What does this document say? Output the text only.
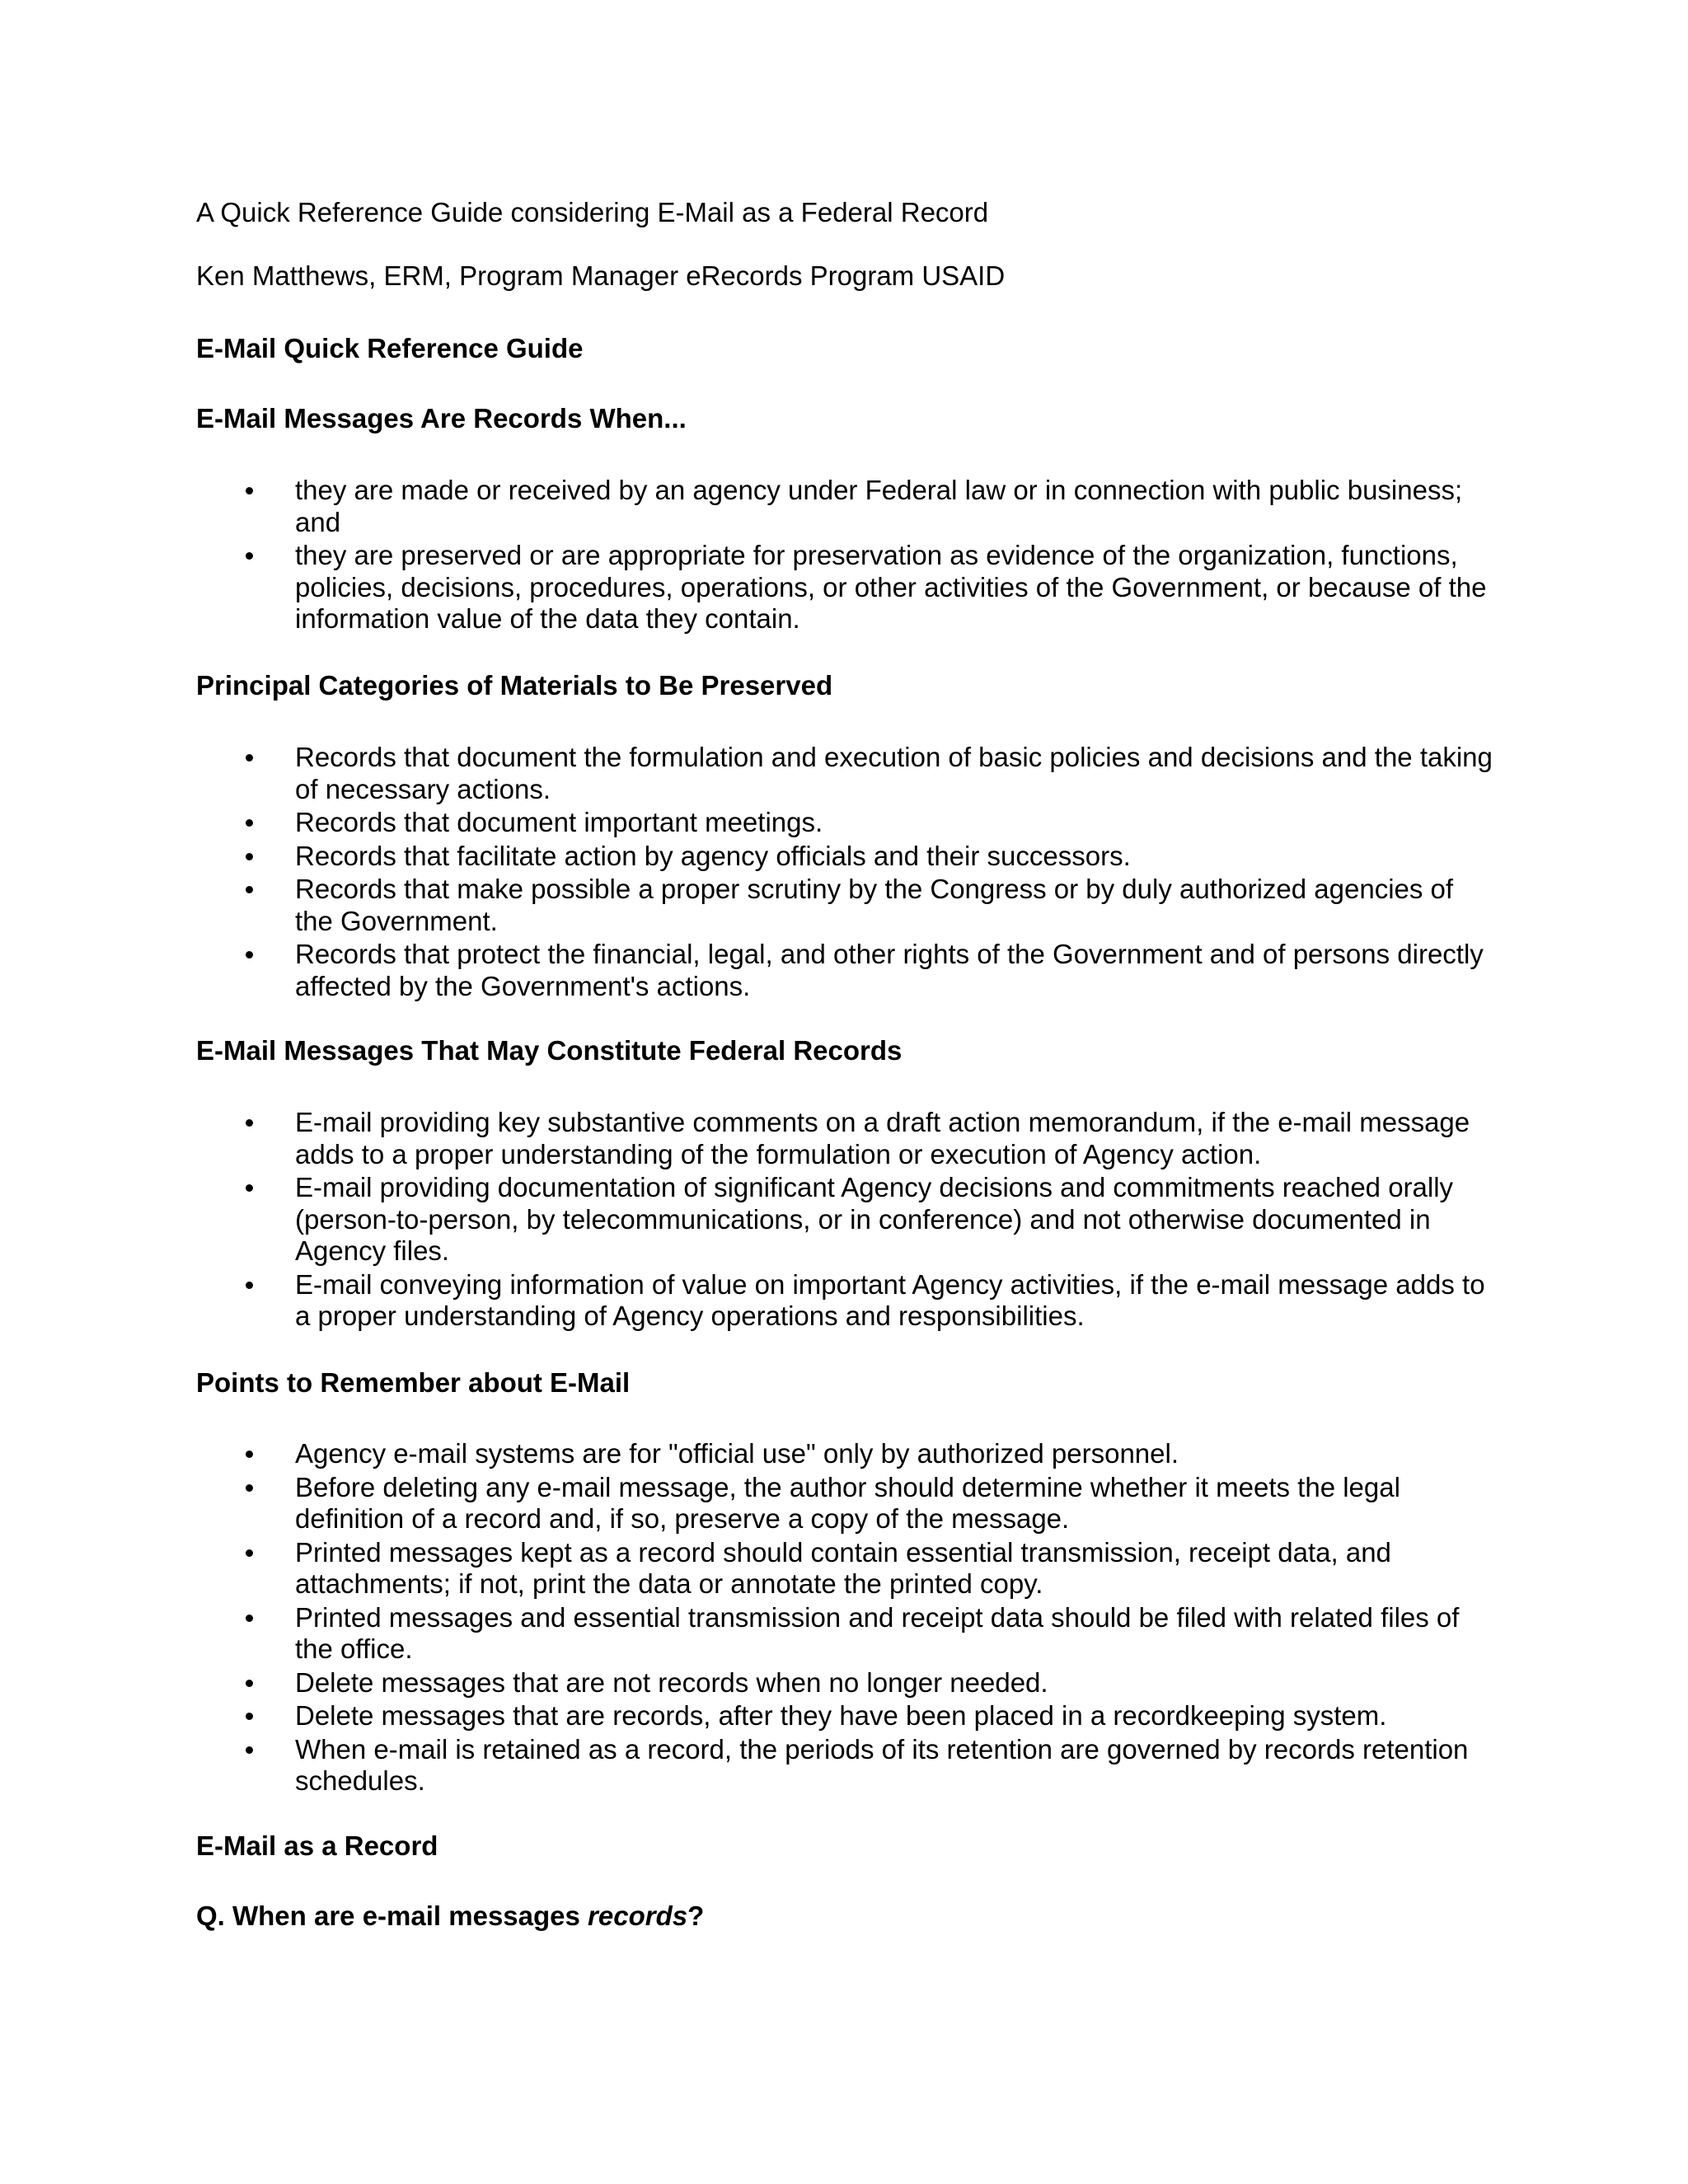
A Quick Reference Guide considering E-Mail as a Federal Record
Ken Matthews, ERM, Program Manager eRecords Program USAID
E-Mail Quick Reference Guide
E-Mail Messages Are Records When...
they are made or received by an agency under Federal law or in connection with public business; and
they are preserved or are appropriate for preservation as evidence of the organization, functions, policies, decisions, procedures, operations, or other activities of the Government, or because of the information value of the data they contain.
Principal Categories of Materials to Be Preserved
Records that document the formulation and execution of basic policies and decisions and the taking of necessary actions.
Records that document important meetings.
Records that facilitate action by agency officials and their successors.
Records that make possible a proper scrutiny by the Congress or by duly authorized agencies of the Government.
Records that protect the financial, legal, and other rights of the Government and of persons directly affected by the Government's actions.
E-Mail Messages That May Constitute Federal Records
E-mail providing key substantive comments on a draft action memorandum, if the e-mail message adds to a proper understanding of the formulation or execution of Agency action.
E-mail providing documentation of significant Agency decisions and commitments reached orally (person-to-person, by telecommunications, or in conference) and not otherwise documented in Agency files.
E-mail conveying information of value on important Agency activities, if the e-mail message adds to a proper understanding of Agency operations and responsibilities.
Points to Remember about E-Mail
Agency e-mail systems are for "official use" only by authorized personnel.
Before deleting any e-mail message, the author should determine whether it meets the legal definition of a record and, if so, preserve a copy of the message.
Printed messages kept as a record should contain essential transmission, receipt data, and attachments; if not, print the data or annotate the printed copy.
Printed messages and essential transmission and receipt data should be filed with related files of the office.
Delete messages that are not records when no longer needed.
Delete messages that are records, after they have been placed in a recordkeeping system.
When e-mail is retained as a record, the periods of its retention are governed by records retention schedules.
E-Mail as a Record
Q. When are e-mail messages records?
